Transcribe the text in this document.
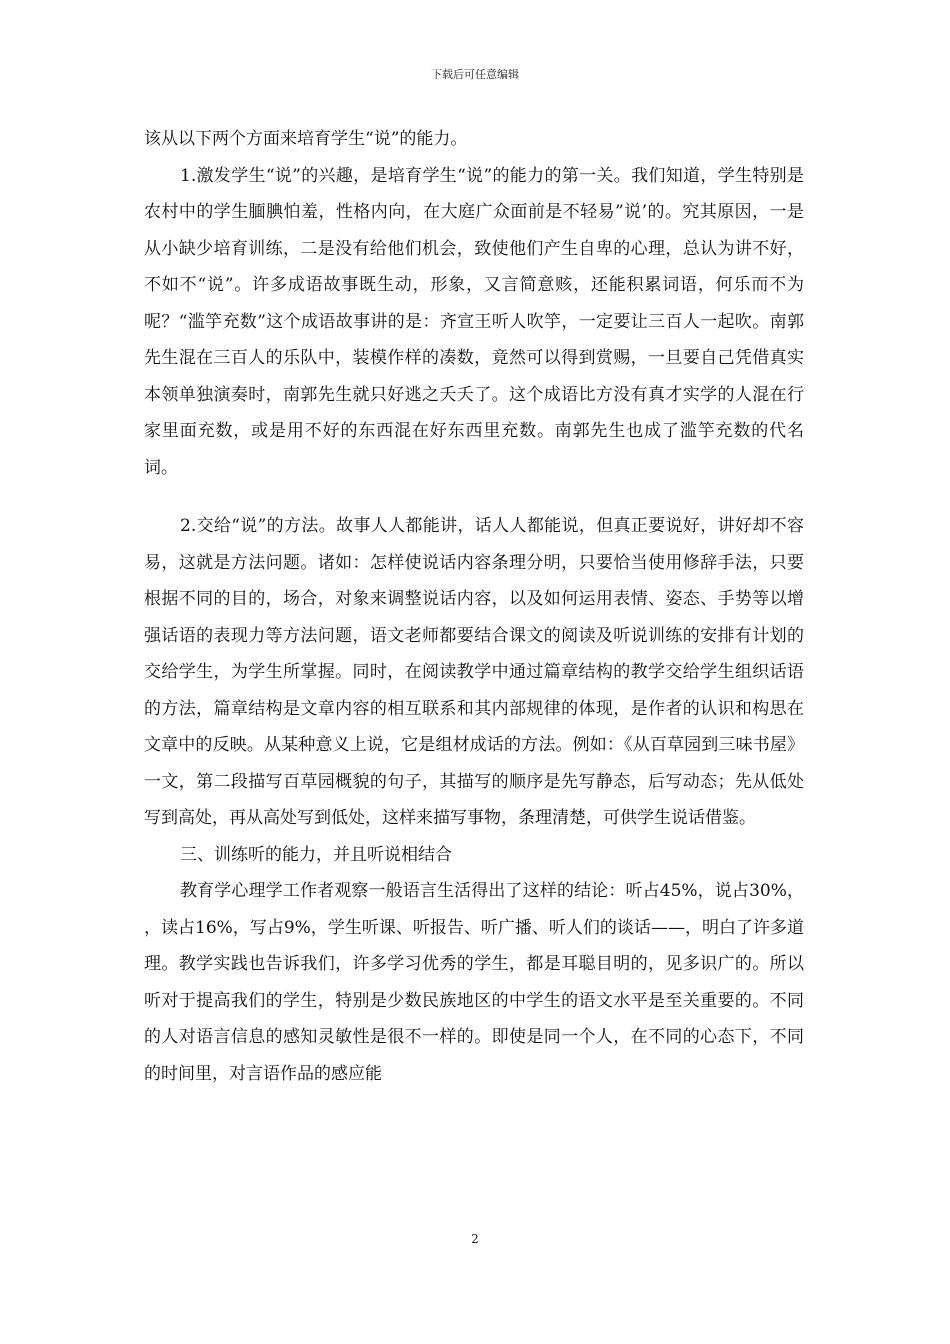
下载后可任意编辑

该从以下两个方面来培育学生“说”的能力。

1.激发学生“说”的兴趣，是培育学生“说”的能力的第一关。我们知道，学生特别是农村中的学生腼腆怕羞，性格内向，在大庭广众面前是不轻易”说’的。究其原因，一是从小缺少培育训练，二是没有给他们机会，致使他们产生自卑的心理，总认为讲不好，不如不“说”。许多成语故事既生动，形象，又言简意赅，还能积累词语，何乐而不为呢？“滥竽充数”这个成语故事讲的是：齐宣王听人吹竽，一定要让三百人一起吹。南郭先生混在三百人的乐队中，装模作样的凑数，竟然可以得到赏赐，一旦要自己凭借真实本领单独演奏时，南郭先生就只好逃之夭夭了。这个成语比方没有真才实学的人混在行家里面充数，或是用不好的东西混在好东西里充数。南郭先生也成了滥竽充数的代名词。

2.交给“说”的方法。故事人人都能讲，话人人都能说，但真正要说好，讲好却不容易，这就是方法问题。诸如：怎样使说话内容条理分明，只要恰当使用修辞手法，只要根据不同的目的，场合，对象来调整说话内容，以及如何运用表情、姿态、手势等以增强话语的表现力等方法问题，语文老师都要结合课文的阅读及听说训练的安排有计划的交给学生，为学生所掌握。同时，在阅读教学中通过篇章结构的教学交给学生组织话语的方法，篇章结构是文章内容的相互联系和其内部规律的体现，是作者的认识和构思在文章中的反映。从某种意义上说，它是组材成话的方法。例如：《从百草园到三味书屋》一文，第二段描写百草园概貌的句子，其描写的顺序是先写静态，后写动态；先从低处写到高处，再从高处写到低处，这样来描写事物，条理清楚，可供学生说话借鉴。

三、训练听的能力，并且听说相结合

教育学心理学工作者观察一般语言生活得出了这样的结论：听占45%，说占30%， ，读占16%，写占9%，学生听课、听报告、听广播、听人们的谈话——，明白了许多道理。教学实践也告诉我们，许多学习优秀的学生，都是耳聪目明的，见多识广的。所以听对于提高我们的学生，特别是少数民族地区的中学生的语文水平是至关重要的。不同的人对语言信息的感知灵敏性是很不一样的。即使是同一个人，在不同的心态下，不同的时间里，对言语作品的感应能

2
